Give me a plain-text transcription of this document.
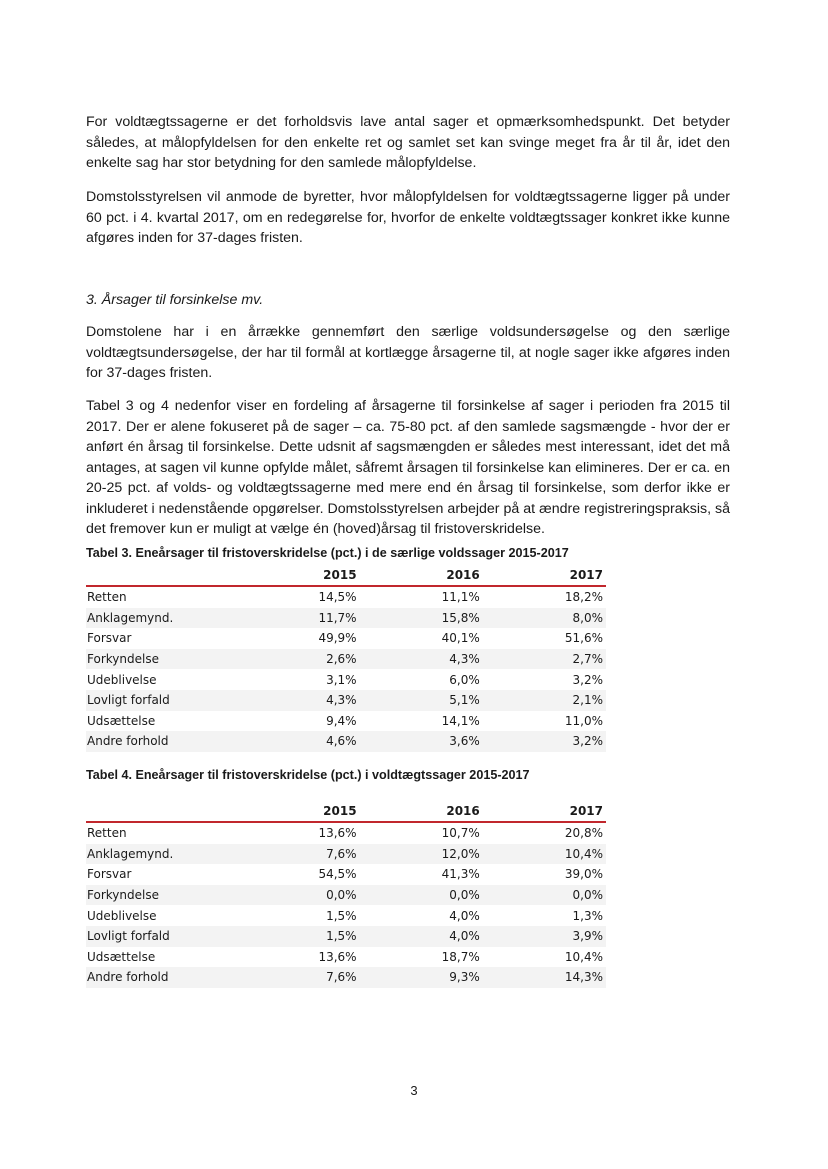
For voldtægtssagerne er det forholdsvis lave antal sager et opmærksomhedspunkt. Det betyder således, at målopfyldelsen for den enkelte ret og samlet set kan svinge meget fra år til år, idet den enkelte sag har stor betydning for den samlede målopfyldelse.

Domstolsstyrelsen vil anmode de byretter, hvor målopfyldelsen for voldtægtssagerne ligger på under 60 pct. i 4. kvartal 2017, om en redegørelse for, hvorfor de enkelte voldtægtssager konkret ikke kunne afgøres inden for 37-dages fristen.

3. Årsager til forsinkelse mv.

Domstolene har i en årrække gennemført den særlige voldsundersøgelse og den særlige voldtægtsundersøgelse, der har til formål at kortlægge årsagerne til, at nogle sager ikke afgøres inden for 37-dages fristen.

Tabel 3 og 4 nedenfor viser en fordeling af årsagerne til forsinkelse af sager i perioden fra 2015 til 2017. Der er alene fokuseret på de sager – ca. 75-80 pct. af den samlede sagsmængde - hvor der er anført én årsag til forsinkelse. Dette udsnit af sagsmængden er således mest interessant, idet det må antages, at sagen vil kunne opfylde målet, såfremt årsagen til forsinkelse kan elimineres. Der er ca. en 20-25 pct. af volds- og voldtægtssagerne med mere end én årsag til forsinkelse, som derfor ikke er inkluderet i nedenstående opgørelser. Domstolsstyrelsen arbejder på at ændre registreringspraksis, så det fremover kun er muligt at vælge én (hoved)årsag til fristoverskridelse.

Tabel 3. Eneårsager til fristoverskridelse (pct.) i de særlige voldssager 2015-2017
	2015	2016	2017
Retten	14,5%	11,1%	18,2%
Anklagemynd.	11,7%	15,8%	8,0%
Forsvar	49,9%	40,1%	51,6%
Forkyndelse	2,6%	4,3%	2,7%
Udeblivelse	3,1%	6,0%	3,2%
Lovligt forfald	4,3%	5,1%	2,1%
Udsættelse	9,4%	14,1%	11,0%
Andre forhold	4,6%	3,6%	3,2%
Tabel 4. Eneårsager til fristoverskridelse (pct.) i voldtægtssager 2015-2017
	2015	2016	2017
Retten	13,6%	10,7%	20,8%
Anklagemynd.	7,6%	12,0%	10,4%
Forsvar	54,5%	41,3%	39,0%
Forkyndelse	0,0%	0,0%	0,0%
Udeblivelse	1,5%	4,0%	1,3%
Lovligt forfald	1,5%	4,0%	3,9%
Udsættelse	13,6%	18,7%	10,4%
Andre forhold	7,6%	9,3%	14,3%
3
